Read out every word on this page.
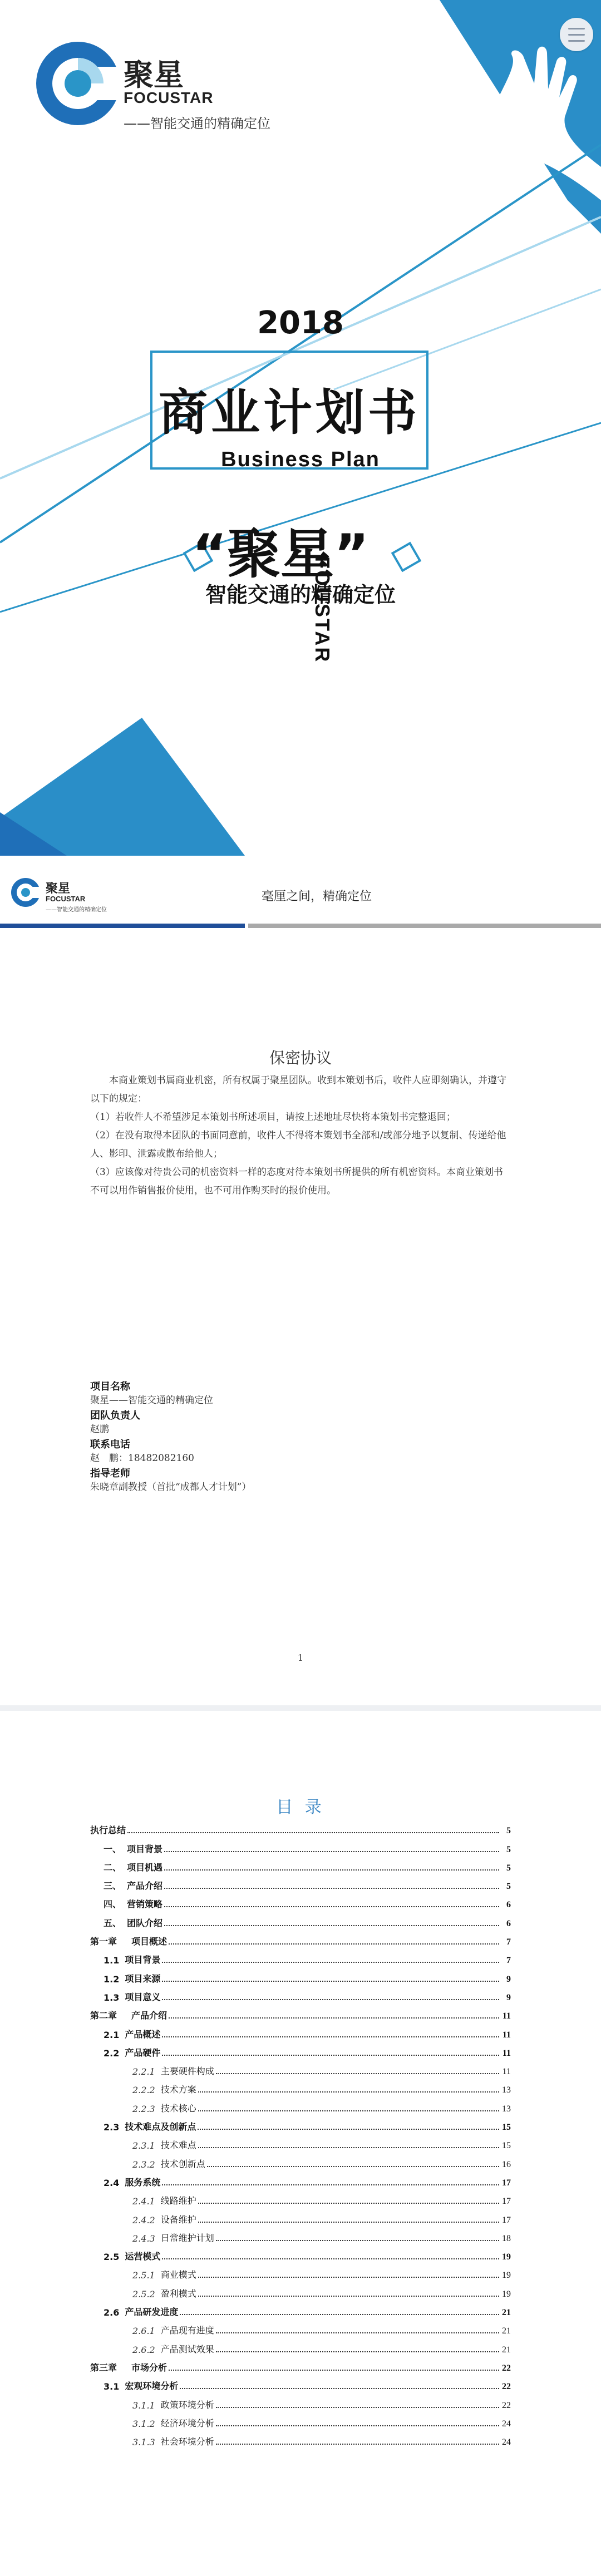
聚星
FOCUSTAR
——智能交通的精确定位
2018
商业计划书
Business Plan
“聚星”
FOUSTAR
智能交通的精确定位
聚星
FOCUSTAR
——智能交通的精确定位
毫厘之间，精确定位
保密协议

本商业策划书属商业机密，所有权属于聚星团队。收到本策划书后，收件人应即刻确认，并遵守以下的规定：

（1）若收件人不希望涉足本策划书所述项目，请按上述地址尽快将本策划书完整退回；

（2）在没有取得本团队的书面同意前，收件人不得将本策划书全部和/或部分地予以复制、传递给他人、影印、泄露或散布给他人；

（3）应该像对待贵公司的机密资料一样的态度对待本策划书所提供的所有机密资料。本商业策划书不可以用作销售报价使用，也不可用作购买时的报价使用。

项目名称
聚星——智能交通的精确定位
团队负责人
赵鹏
联系电话
赵　鹏：18482082160
指导老师
朱晓章副教授（首批“成都人才计划”）
1
目 录
执行总结	5
一、 项目背景	5
二、 项目机遇	5
三、 产品介绍	5
四、 营销策略	6
五、 团队介绍	6
第一章 项目概述	7
1.1 项目背景	7
1.2 项目来源	9
1.3 项目意义	9
第二章 产品介绍	11
2.1 产品概述	11
2.2 产品硬件	11
2.2.1 主要硬件构成	11
2.2.2 技术方案	13
2.2.3 技术核心	13
2.3 技术难点及创新点	15
2.3.1 技术难点	15
2.3.2 技术创新点	16
2.4 服务系统	17
2.4.1 线路维护	17
2.4.2 设备维护	17
2.4.3 日常维护计划	18
2.5 运营模式	19
2.5.1 商业模式	19
2.5.2 盈利模式	19
2.6 产品研发进度	21
2.6.1 产品现有进度	21
2.6.2 产品测试效果	21
第三章 市场分析	22
3.1 宏观环境分析	22
3.1.1 政策环境分析	22
3.1.2 经济环境分析	24
3.1.3 社会环境分析	24
